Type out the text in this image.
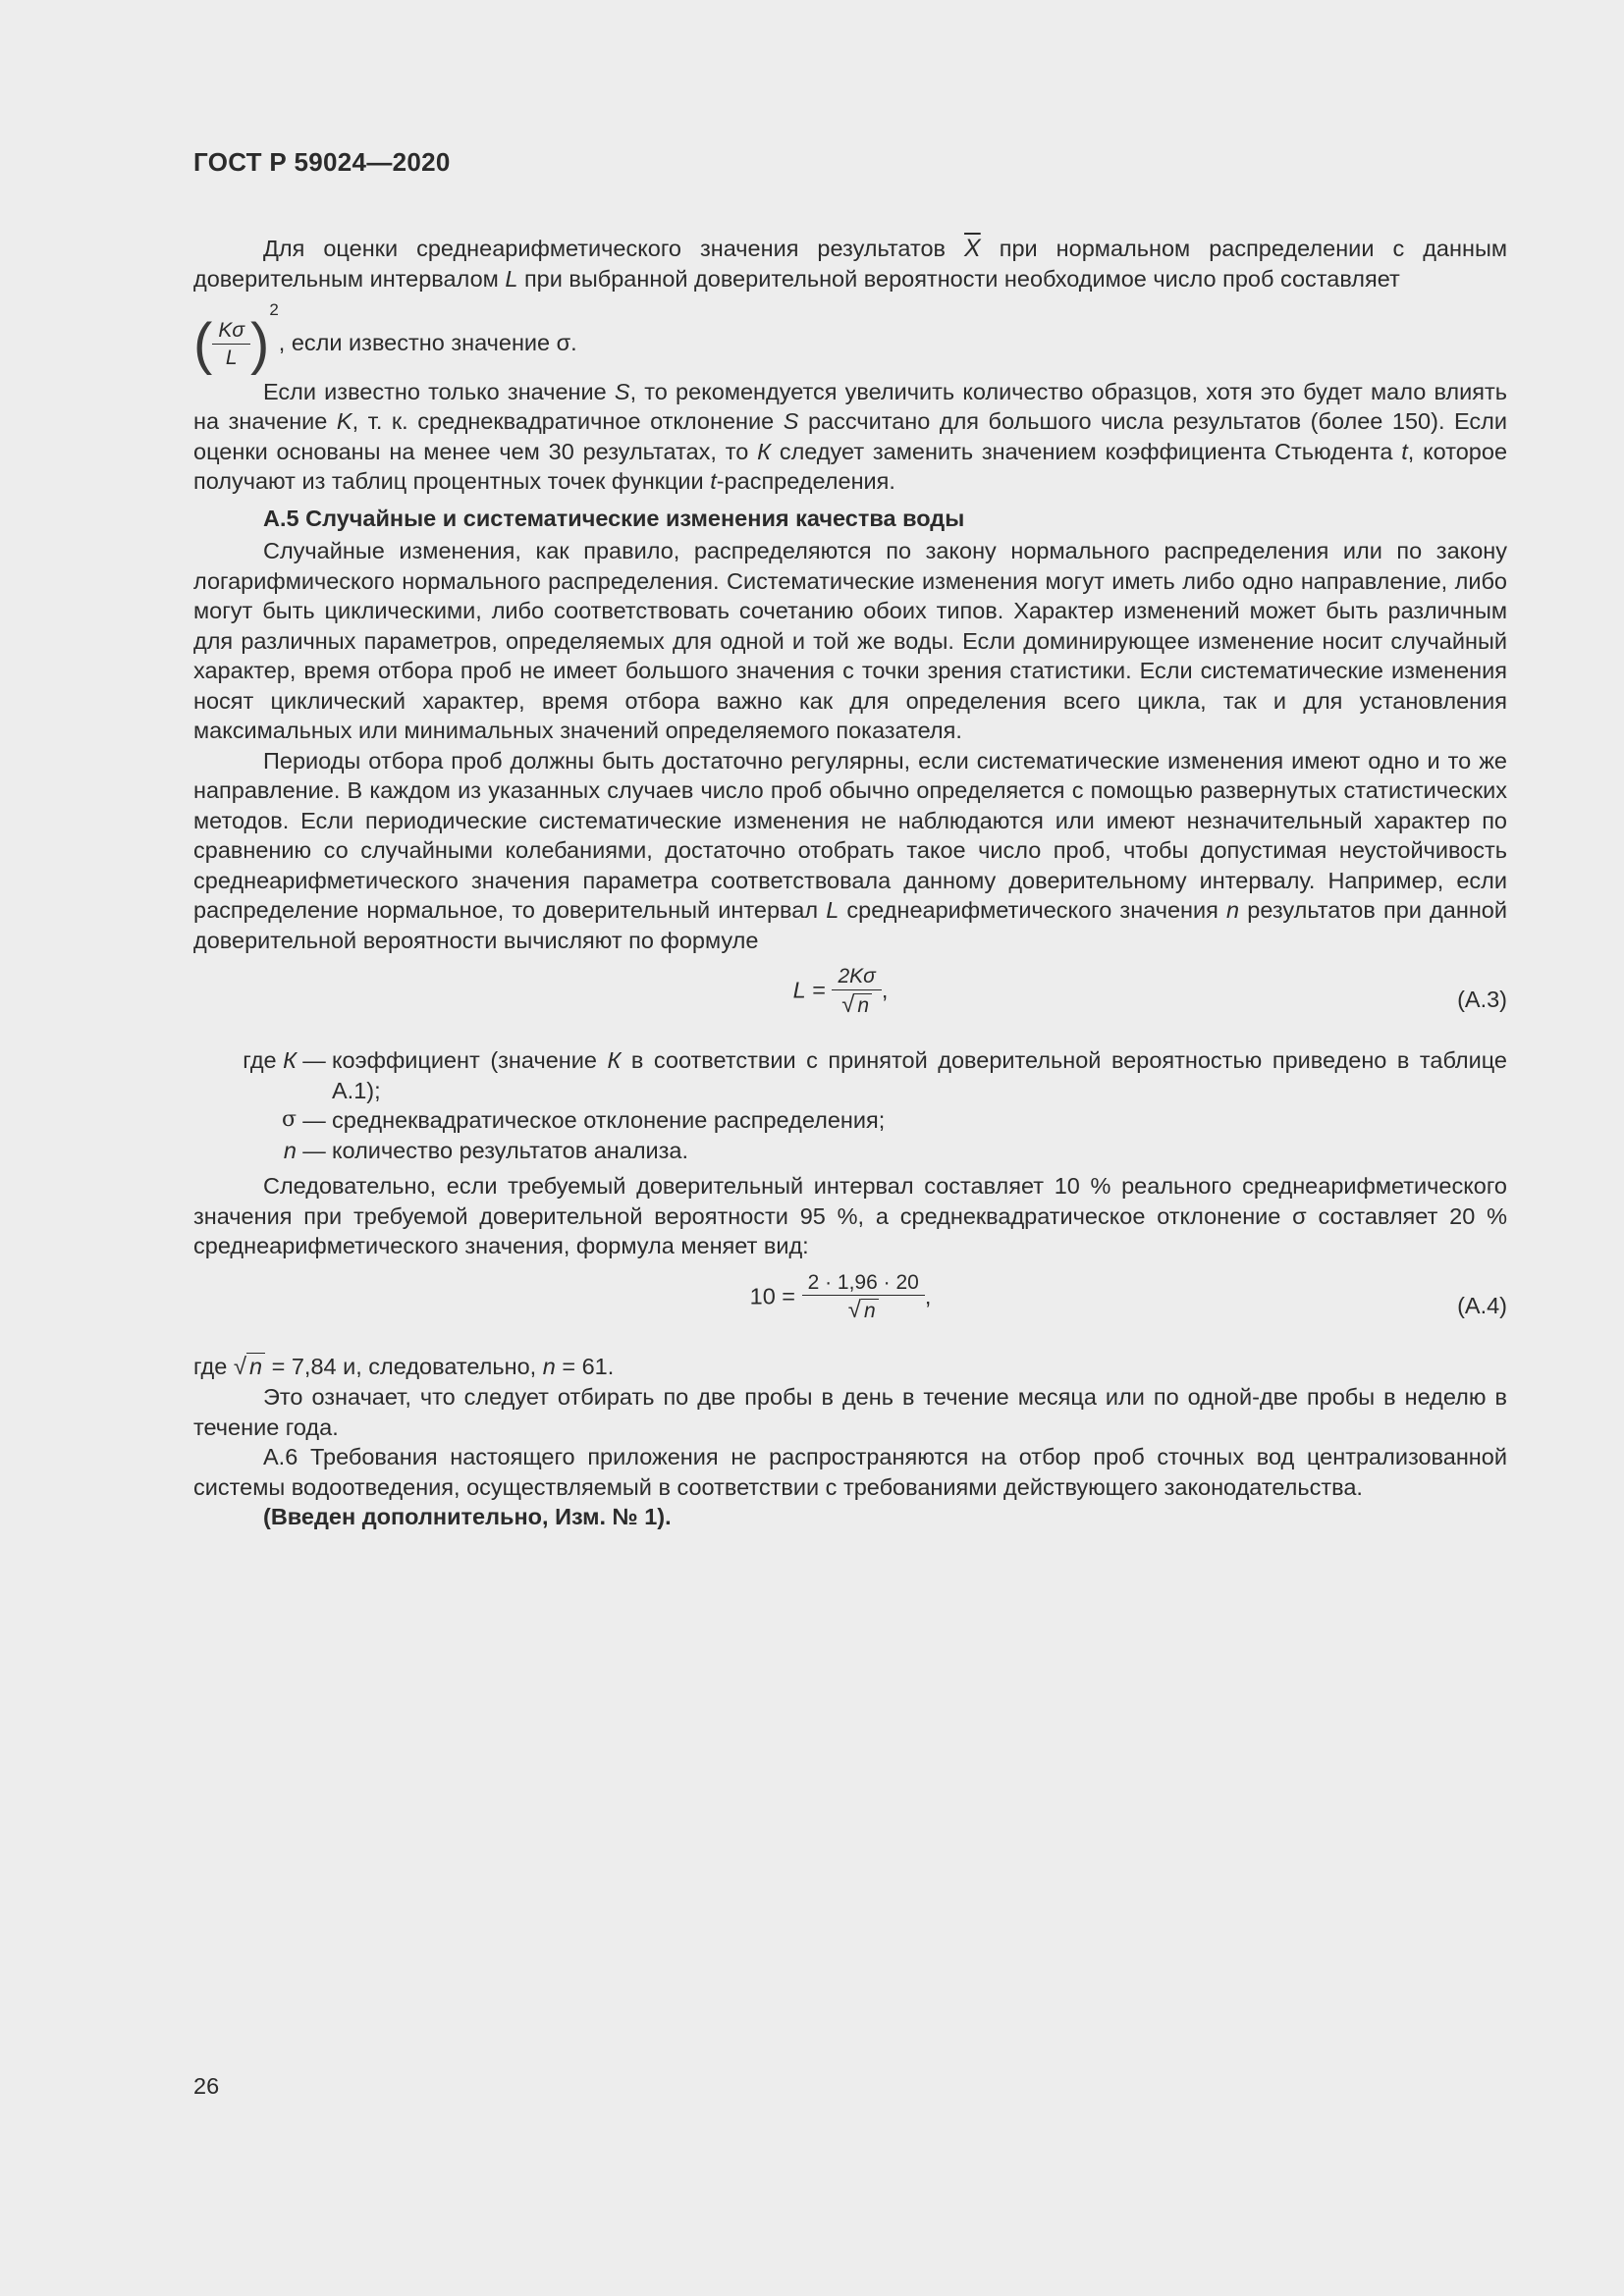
ГОСТ Р 59024—2020

Для оценки среднеарифметического значения результатов $\overline{X}$ при нормальном распределении с данным доверительным интервалом L при выбранной доверительной вероятности необходимое число проб составляет

( $\frac{K\sigma}{L} )^2$, если известно значение σ.

Если известно только значение S, то рекомендуется увеличить количество образцов, хотя это будет мало влиять на значение K, т. к. среднеквадратичное отклонение S рассчитано для большого числа результатов (более 150). Если оценки основаны на менее чем 30 результатах, то К следует заменить значением коэффициента Стьюдента t, которое получают из таблиц процентных точек функции t-распределения.

А.5 Случайные и систематические изменения качества воды

Случайные изменения, как правило, распределяются по закону нормального распределения или по закону логарифмического нормального распределения. Систематические изменения могут иметь либо одно направление, либо могут быть циклическими, либо соответствовать сочетанию обоих типов. Характер изменений может быть различным для различных параметров, определяемых для одной и той же воды. Если доминирующее изменение носит случайный характер, время отбора проб не имеет большого значения с точки зрения статистики. Если систематические изменения носят циклический характер, время отбора важно как для определения всего цикла, так и для установления максимальных или минимальных значений определяемого показателя.

Периоды отбора проб должны быть достаточно регулярны, если систематические изменения имеют одно и то же направление. В каждом из указанных случаев число проб обычно определяется с помощью развернутых статистических методов. Если периодические систематические изменения не наблюдаются или имеют незначительный характер по сравнению со случайными колебаниями, достаточно отобрать такое число проб, чтобы допустимая неустойчивость среднеарифметического значения параметра соответствовала данному доверительному интервалу. Например, если распределение нормальное, то доверительный интервал L среднеарифметического значения n результатов при данной доверительной вероятности вычисляют по формуле

$L = \frac{2K\sigma}{√ n}$ ,	(А.3)
где К — коэффициент (значение К в соответствии с принятой доверительной вероятностью приведено в таблице А.1);
σ — среднеквадратическое отклонение распределения;
n — количество результатов анализа.

Следовательно, если требуемый доверительный интервал составляет 10 % реального среднеарифметического значения при требуемой доверительной вероятности 95 %, а среднеквадратическое отклонение σ составляет 20 % среднеарифметического значения, формула меняет вид:

$10 = \frac{2 \cdot 1,96 \cdot 20}{√ n}$ ,	(А.4)

где √ n = 7,84 и, следовательно, n = 61.

Это означает, что следует отбирать по две пробы в день в течение месяца или по одной-две пробы в неделю в течение года.

А.6 Требования настоящего приложения не распространяются на отбор проб сточных вод централизованной системы водоотведения, осуществляемый в соответствии с требованиями действующего законодательства.

(Введен дополнительно, Изм. № 1).

26
